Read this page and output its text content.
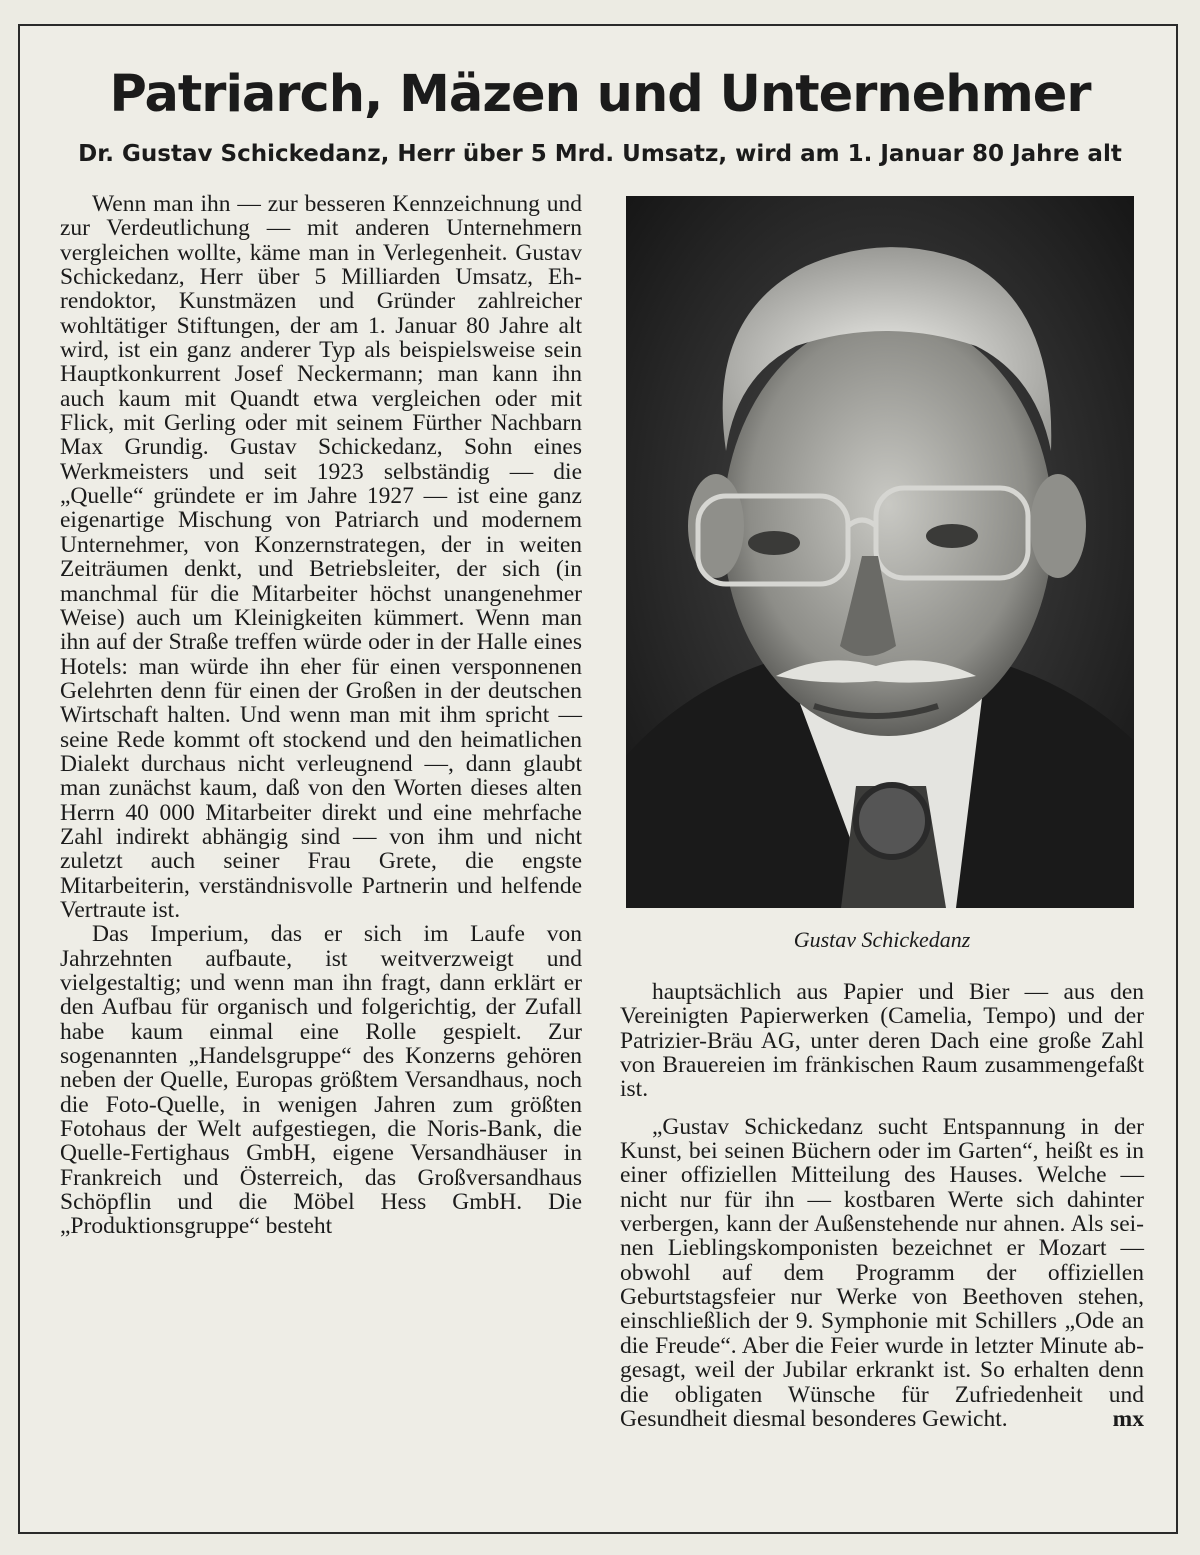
Patriarch, Mäzen und Unternehmer
Dr. Gustav Schickedanz, Herr über 5 Mrd. Umsatz, wird am 1. Januar 80 Jahre alt

Wenn man ihn — zur besseren Kennzeichnung und zur Verdeutlichung — mit anderen Unternehmern vergleichen wollte, käme man in Verlegenheit. Gustav Schickedanz, Herr über 5 Milliarden Umsatz, Ehrendoktor, Kunstmäzen und Gründer zahlreicher wohltätiger Stiftungen, der am 1. Januar 80 Jahre alt wird, ist ein ganz anderer Typ als beispielsweise sein Hauptkonkurrent Josef Neckermann; man kann ihn auch kaum mit Quandt etwa vergleichen oder mit Flick, mit Gerling oder mit seinem Fürther Nachbarn Max Grundig. Gustav Schickedanz, Sohn eines Werkmeisters und seit 1923 selbständig — die „Quelle“ gründete er im Jahre 1927 — ist eine ganz eigenartige Mischung von Patriarch und modernem Unternehmer, von Konzernstrategen, der in weiten Zeiträumen denkt, und Betriebsleiter, der sich (in manchmal für die Mitarbeiter höchst unangenehmer Weise) auch um Kleinigkeiten kümmert. Wenn man ihn auf der Straße treffen würde oder in der Halle eines Hotels: man würde ihn eher für einen versponnenen Gelehrten denn für einen der Großen in der deutschen Wirtschaft halten. Und wenn man mit ihm spricht — seine Rede kommt oft stockend und den heimatlichen Dialekt durchaus nicht verleugnend —, dann glaubt man zunächst kaum, daß von den Worten dieses alten Herrn 40 000 Mitarbeiter direkt und eine mehrfache Zahl indirekt abhängig sind — von ihm und nicht zuletzt auch seiner Frau Grete, die engste Mitarbeiterin, verständnisvolle Partnerin und helfende Vertraute ist.

Das Imperium, das er sich im Laufe von Jahrzehnten aufbaute, ist weitverzweigt und vielgestaltig; und wenn man ihn fragt, dann erklärt er den Aufbau für organisch und folgerichtig, der Zufall habe kaum einmal eine Rolle gespielt. Zur sogenannten „Handelsgruppe“ des Konzerns gehören neben der Quelle, Europas größtem Versandhaus, noch die Foto-Quelle, in wenigen Jahren zum größten Fotohaus der Welt aufgestiegen, die Noris-Bank, die Quelle-Fertighaus GmbH, eigene Versandhäuser in Frankreich und Österreich, das Großversandhaus Schöpflin und die Möbel Hess GmbH. Die „Produktionsgruppe“ besteht

Gustav Schickedanz

hauptsächlich aus Papier und Bier — aus den Vereinigten Papierwerken (Camelia, Tempo) und der Patrizier-Bräu AG, unter deren Dach eine große Zahl von Brauereien im fränkischen Raum zusammengefaßt ist.

„Gustav Schickedanz sucht Entspannung in der Kunst, bei seinen Büchern oder im Garten“, heißt es in einer offiziellen Mitteilung des Hauses. Welche — nicht nur für ihn — kostbaren Werte sich dahinter verbergen, kann der Außenstehende nur ahnen. Als seinen Lieblingskomponisten bezeichnet er Mozart — obwohl auf dem Programm der offiziellen Geburtstagsfeier nur Werke von Beethoven stehen, einschließlich der 9. Symphonie mit Schillers „Ode an die Freude“. Aber die Feier wurde in letzter Minute abgesagt, weil der Jubilar erkrankt ist. So erhalten denn die obligaten Wünsche für Zufriedenheit und Gesundheit diesmal besonderes Gewicht.	mx
